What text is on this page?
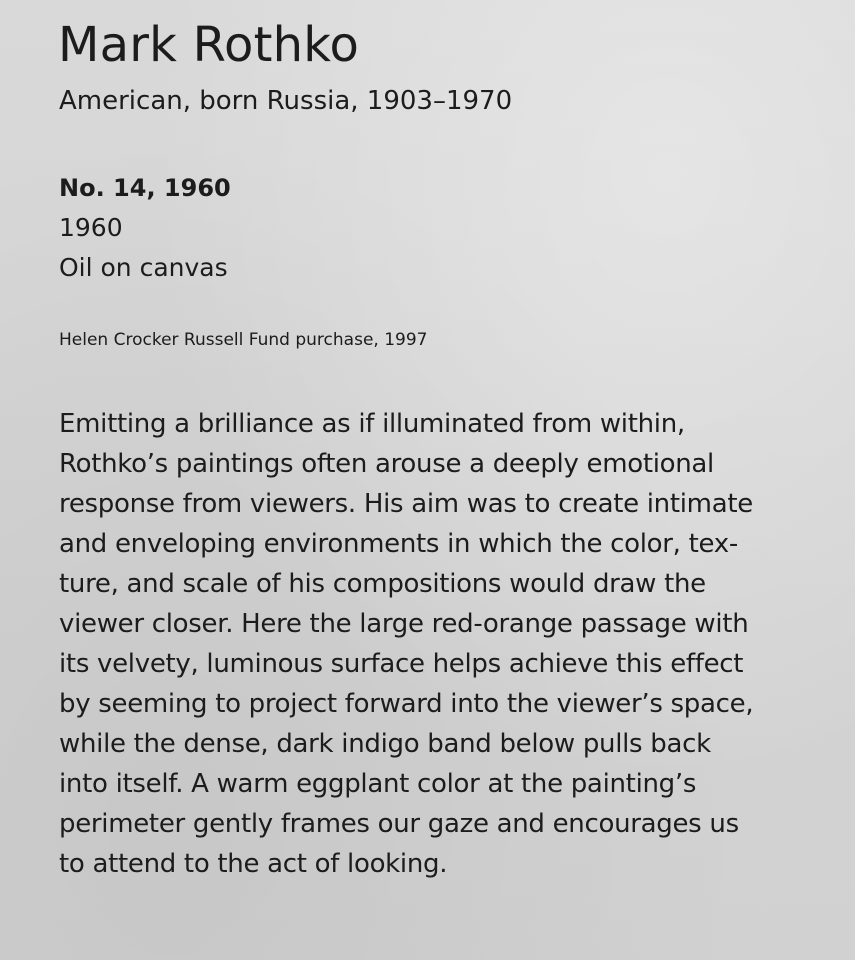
Mark Rothko

American, born Russia, 1903–1970

No. 14, 1960

1960

Oil on canvas

Helen Crocker Russell Fund purchase, 1997

Emitting a brilliance as if illuminated from within,
Rothko’s paintings often arouse a deeply emotional
response from viewers. His aim was to create intimate
and enveloping environments in which the color, tex-
ture, and scale of his compositions would draw the
viewer closer. Here the large red-orange passage with
its velvety, luminous surface helps achieve this effect
by seeming to project forward into the viewer’s space,
while the dense, dark indigo band below pulls back
into itself. A warm eggplant color at the painting’s
perimeter gently frames our gaze and encourages us
to attend to the act of looking.
